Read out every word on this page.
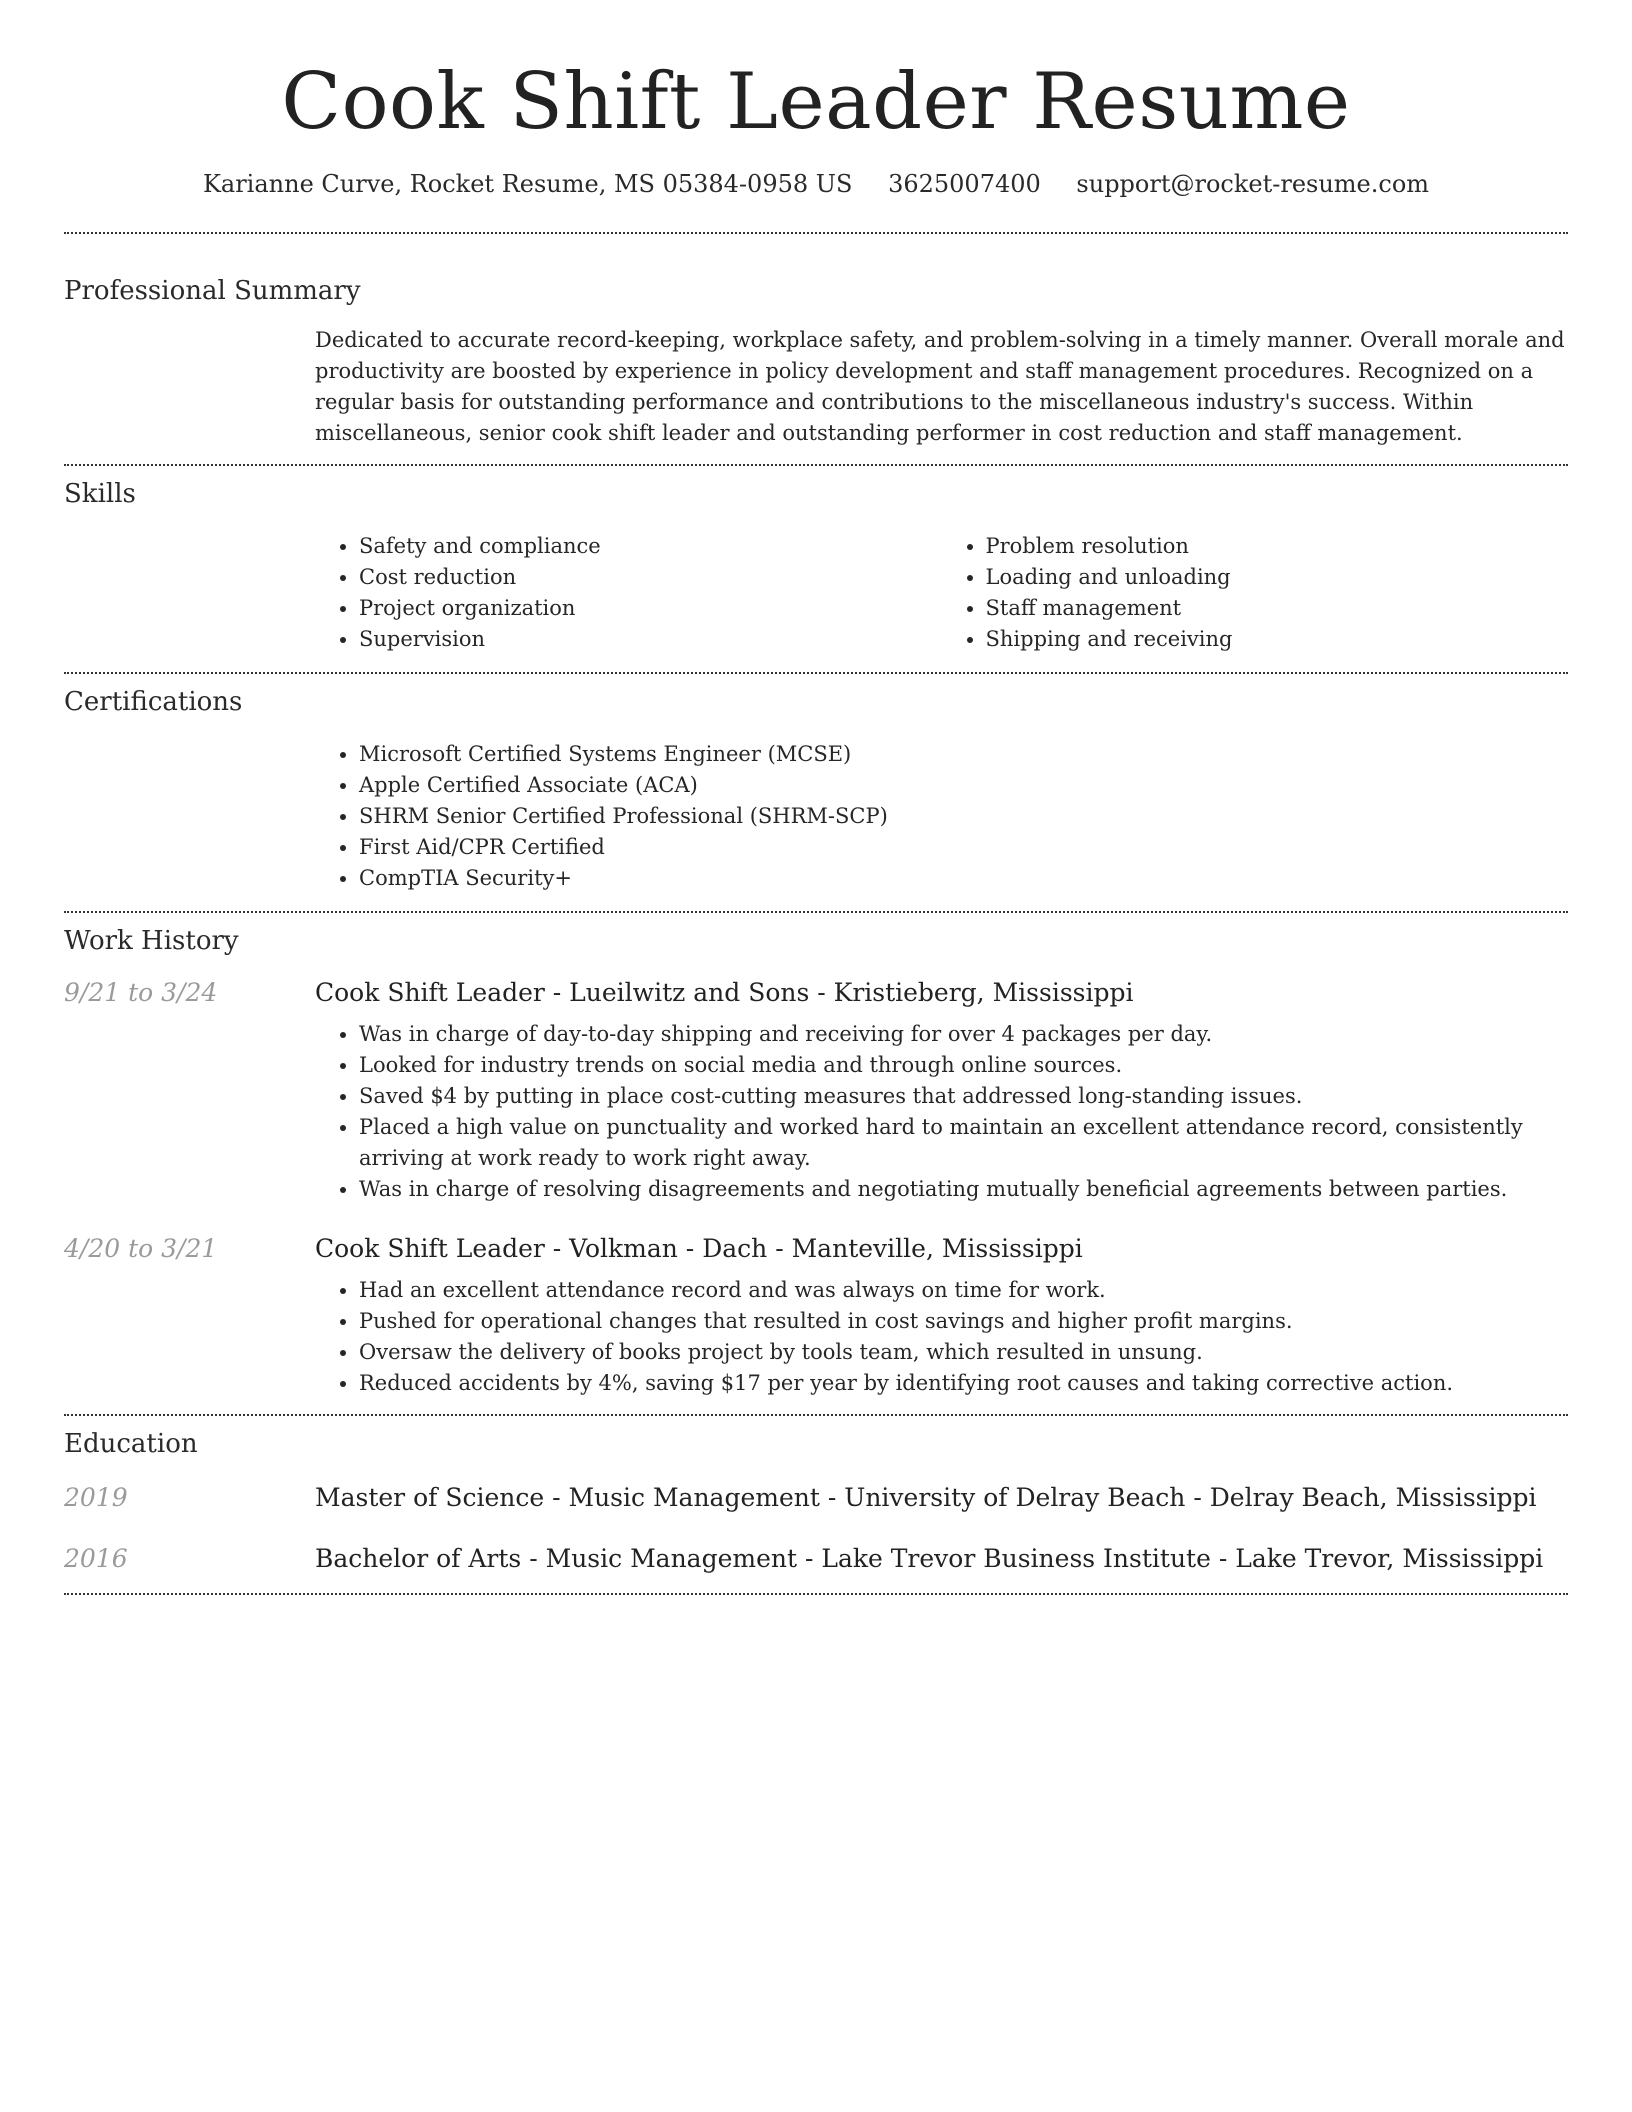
Cook Shift Leader Resume
Karianne Curve, Rocket Resume, MS 05384-0958 US 3625007400 support@rocket-resume.com
Professional Summary
Dedicated to accurate record-keeping, workplace safety, and problem-solving in a timely manner. Overall morale and productivity are boosted by experience in policy development and staff management procedures. Recognized on a regular basis for outstanding performance and contributions to the miscellaneous industry's success. Within miscellaneous, senior cook shift leader and outstanding performer in cost reduction and staff management.
Skills
• Safety and compliance
• Cost reduction
• Project organization
• Supervision
• Problem resolution
• Loading and unloading
• Staff management
• Shipping and receiving
Certifications
• Microsoft Certified Systems Engineer (MCSE)
• Apple Certified Associate (ACA)
• SHRM Senior Certified Professional (SHRM-SCP)
• First Aid/CPR Certified
• CompTIA Security+
Work History
9/21 to 3/24	Cook Shift Leader - Lueilwitz and Sons - Kristieberg, Mississippi
• Was in charge of day-to-day shipping and receiving for over 4 packages per day.
• Looked for industry trends on social media and through online sources.
• Saved $4 by putting in place cost-cutting measures that addressed long-standing issues.
• Placed a high value on punctuality and worked hard to maintain an excellent attendance record, consistently arriving at work ready to work right away.
• Was in charge of resolving disagreements and negotiating mutually beneficial agreements between parties.
4/20 to 3/21	Cook Shift Leader - Volkman - Dach - Manteville, Mississippi
• Had an excellent attendance record and was always on time for work.
• Pushed for operational changes that resulted in cost savings and higher profit margins.
• Oversaw the delivery of books project by tools team, which resulted in unsung.
• Reduced accidents by 4%, saving $17 per year by identifying root causes and taking corrective action.
Education
2019	Master of Science - Music Management - University of Delray Beach - Delray Beach, Mississippi
2016	Bachelor of Arts - Music Management - Lake Trevor Business Institute - Lake Trevor, Mississippi
